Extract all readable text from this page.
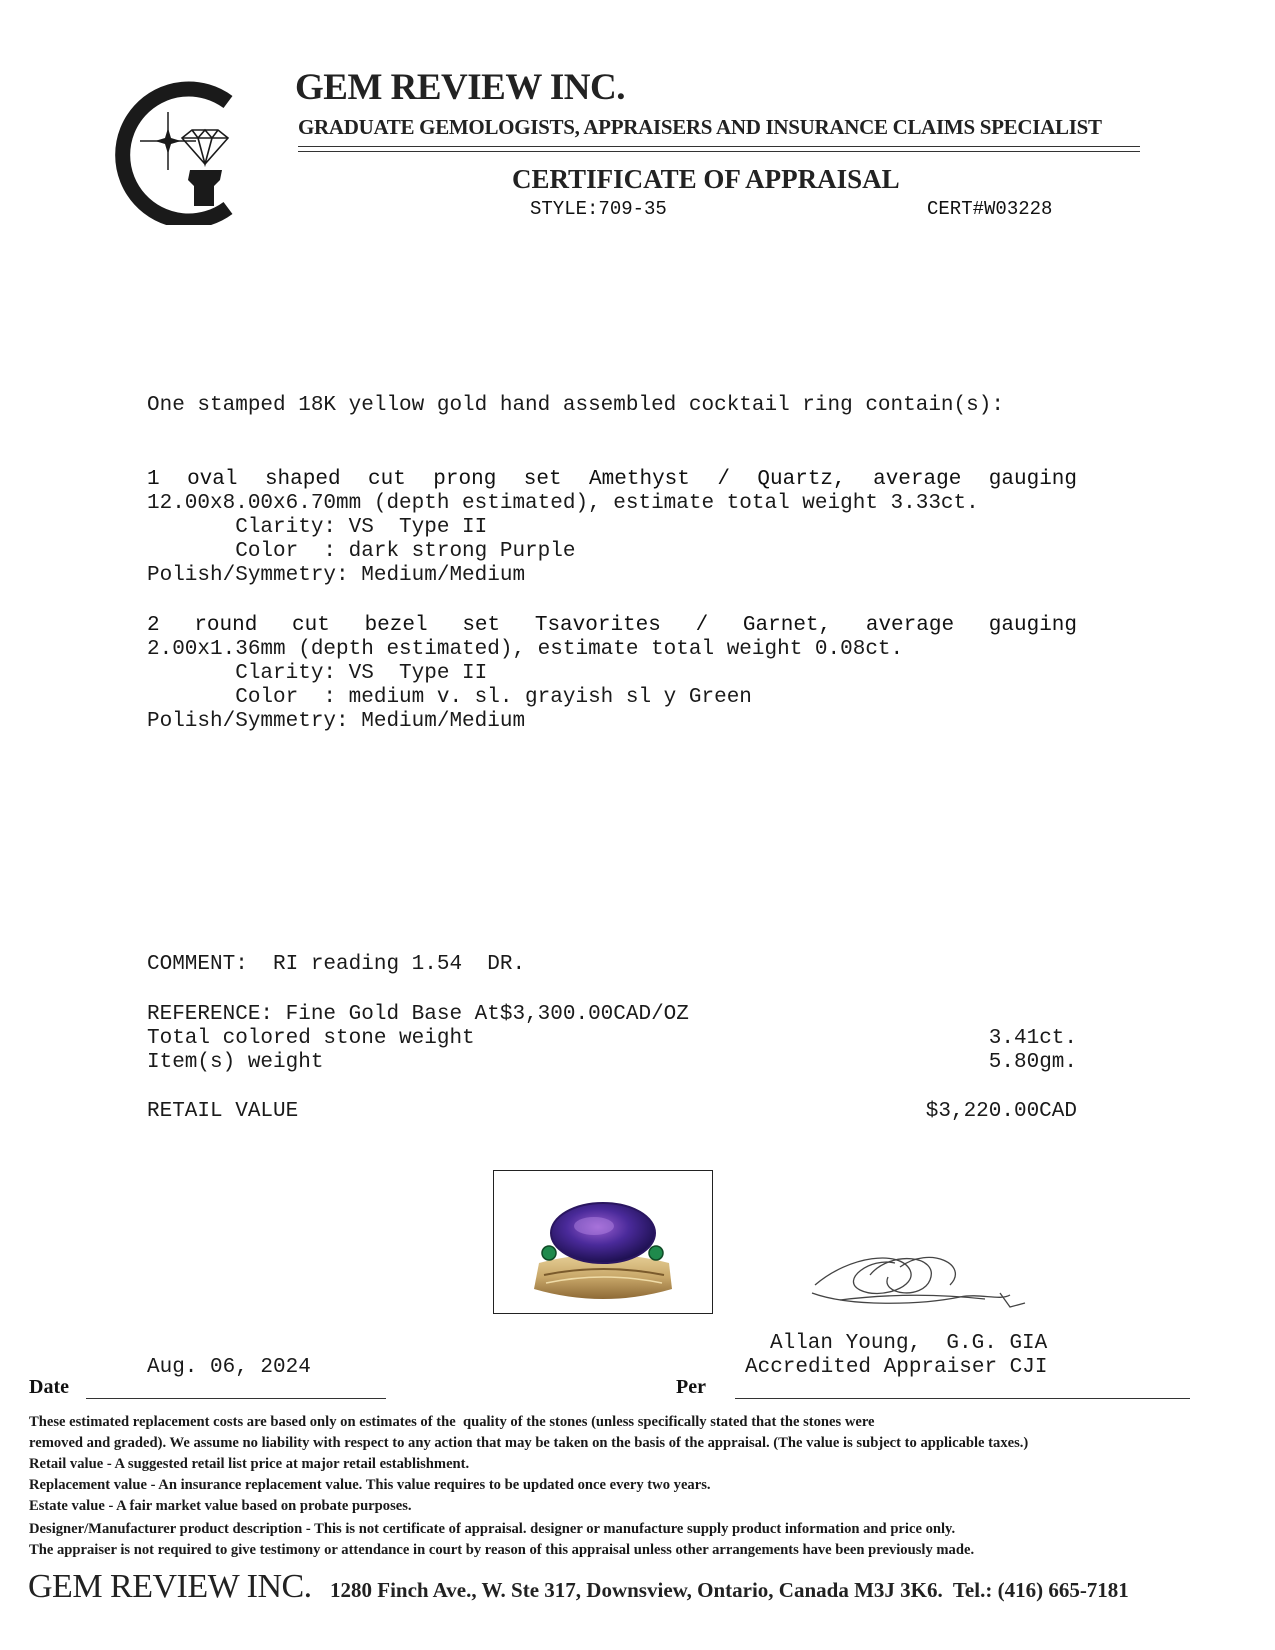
GEM REVIEW INC.
GRADUATE GEMOLOGISTS, APPRAISERS AND INSURANCE CLAIMS SPECIALIST
CERTIFICATE OF APPRAISAL
STYLE:709-35	CERT#W03228
One stamped 18K yellow gold hand assembled cocktail ring contain(s):
1 oval shaped cut prong set Amethyst / Quartz, average gauging
12.00x8.00x6.70mm (depth estimated), estimate total weight 3.33ct.
Clarity: VS  Type II
Color  : dark strong Purple
Polish/Symmetry: Medium/Medium
2 round cut bezel set Tsavorites / Garnet, average gauging
2.00x1.36mm (depth estimated), estimate total weight 0.08ct.
Clarity: VS  Type II
Color  : medium v. sl. grayish sl y Green
Polish/Symmetry: Medium/Medium
COMMENT:  RI reading 1.54  DR.
REFERENCE: Fine Gold Base At$3,300.00CAD/OZ
Total colored stone weight	3.41ct.
Item(s) weight	5.80gm.
RETAIL VALUE	$3,220.00CAD
Allan Young,  G.G. GIA
Accredited Appraiser CJI
Aug. 06, 2024
Date	Per
These estimated replacement costs are based only on estimates of the  quality of the stones (unless specifically stated that the stones were
removed and graded). We assume no liability with respect to any action that may be taken on the basis of the appraisal. (The value is subject to applicable taxes.)
Retail value - A suggested retail list price at major retail establishment.
Replacement value - An insurance replacement value. This value requires to be updated once every two years.
Estate value - A fair market value based on probate purposes.
Designer/Manufacturer product description - This is not certificate of appraisal. designer or manufacture supply product information and price only.
The appraiser is not required to give testimony or attendance in court by reason of this appraisal unless other arrangements have been previously made.
GEM REVIEW INC. 1280 Finch Ave., W. Ste 317, Downsview, Ontario, Canada M3J 3K6.  Tel.: (416) 665-7181
